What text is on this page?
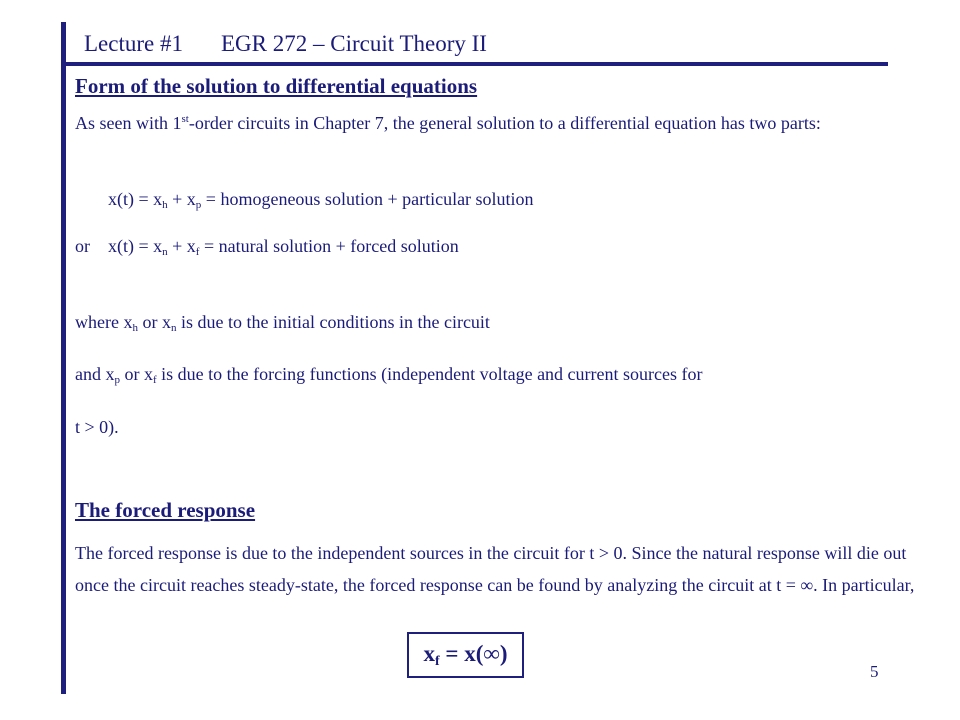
Lecture #1 EGR 272 – Circuit Theory II
Form of the solution to differential equations
As seen with 1st-order circuits in Chapter 7, the general solution to a differential equation has two parts:
$x(t) = x_h + x_p$ = homogeneous solution + particular solution
or $x(t) = x_n + x_f$ = natural solution + forced solution
where $x_h$ or $x_n$ is due to the initial conditions in the circuit
and $x_p$ or $x_f$ is due to the forcing functions (independent voltage and current sources for
t > 0).
The forced response
The forced response is due to the independent sources in the circuit for t > 0. Since the natural response will die out once the circuit reaches steady-state, the forced response can be found by analyzing the circuit at t = ∞. In particular,
$x_f = x(\infty)$
5
